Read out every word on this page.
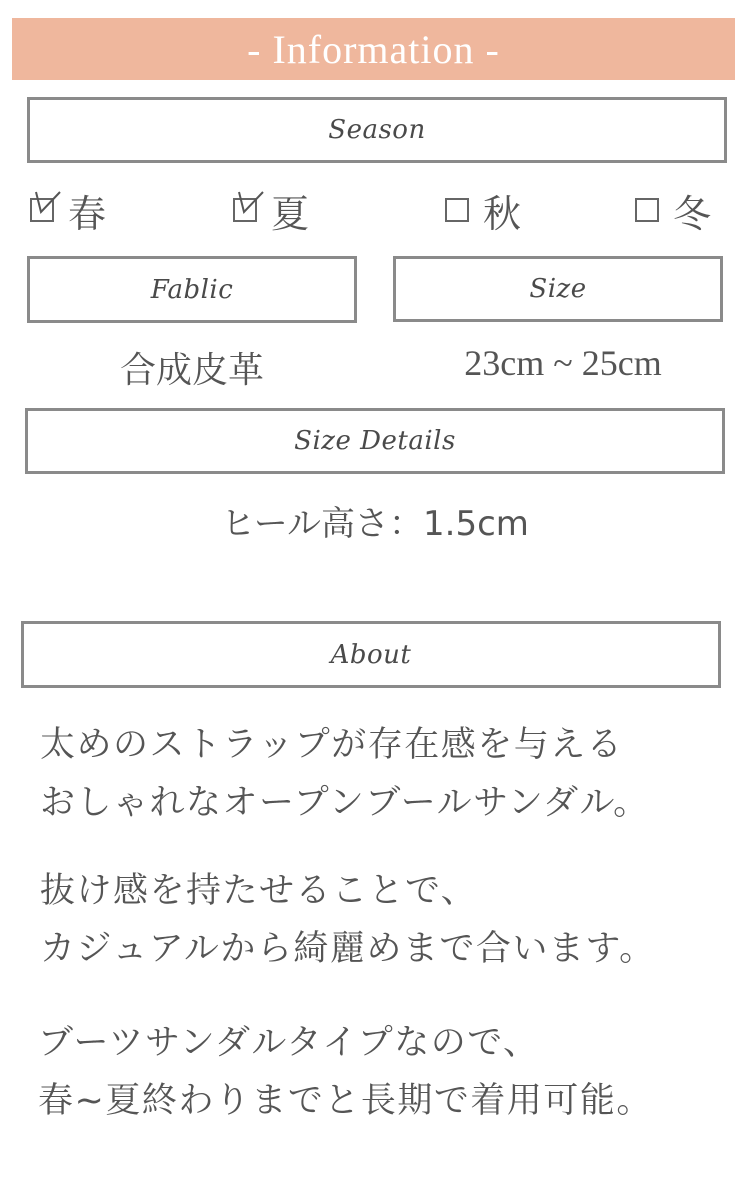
- Information -
Season
春	夏	秋	冬
Fablic	Size
合成皮革	23cm ~ 25cm
Size Details
ヒール高さ：1.5cm
About
太めのストラップが存在感を与える
おしゃれなオープンブールサンダル。
抜け感を持たせることで、
カジュアルから綺麗めまで合います。
ブーツサンダルタイプなので、
春~夏終わりまでと長期で着用可能。
